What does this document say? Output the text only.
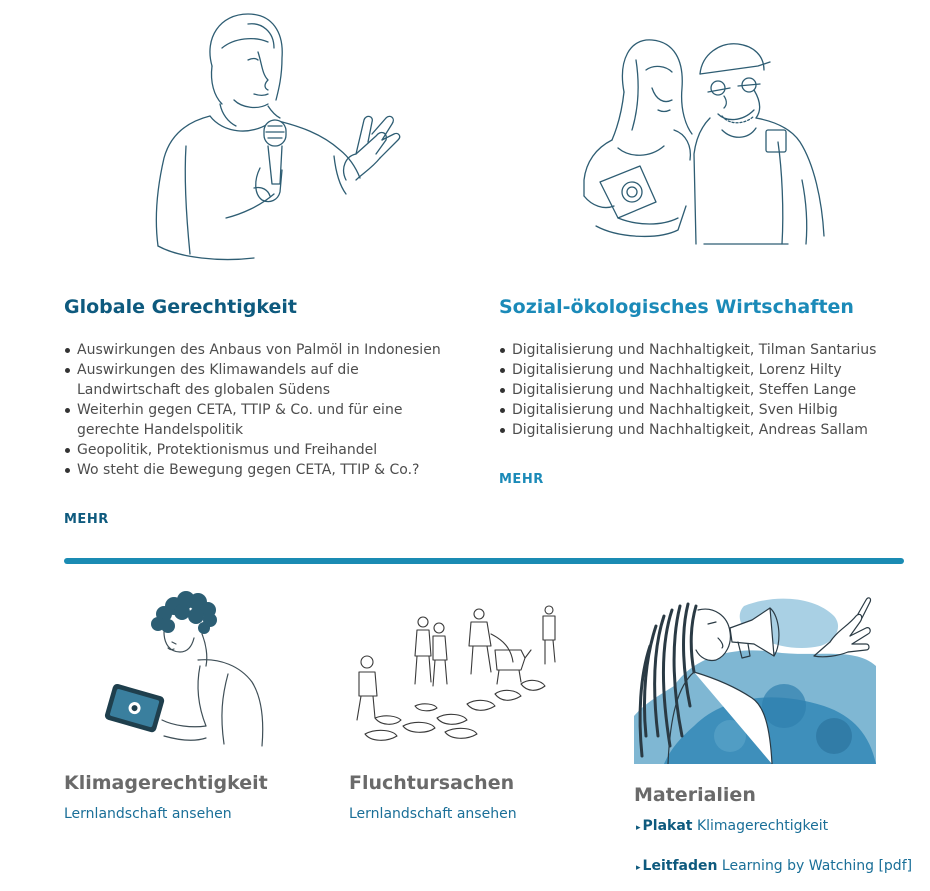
Globale Gerechtigkeit
Auswirkungen des Anbaus von Palmöl in Indonesien
Auswirkungen des Klimawandels auf die Landwirtschaft des globalen Südens
Weiterhin gegen CETA, TTIP & Co. und für eine gerechte Handelspolitik
Geopolitik, Protektionismus und Freihandel
Wo steht die Bewegung gegen CETA, TTIP & Co.?
MEHR
Sozial-ökologisches Wirtschaften
Digitalisierung und Nachhaltigkeit, Tilman Santarius
Digitalisierung und Nachhaltigkeit, Lorenz Hilty
Digitalisierung und Nachhaltigkeit, Steffen Lange
Digitalisierung und Nachhaltigkeit, Sven Hilbig
Digitalisierung und Nachhaltigkeit, Andreas Sallam
MEHR
Klimagerechtigkeit
Lernlandschaft ansehen
Fluchtursachen
Lernlandschaft ansehen
Materialien
▸ Plakat Klimagerechtigkeit
▸ Leitfaden Learning by Watching [pdf]
